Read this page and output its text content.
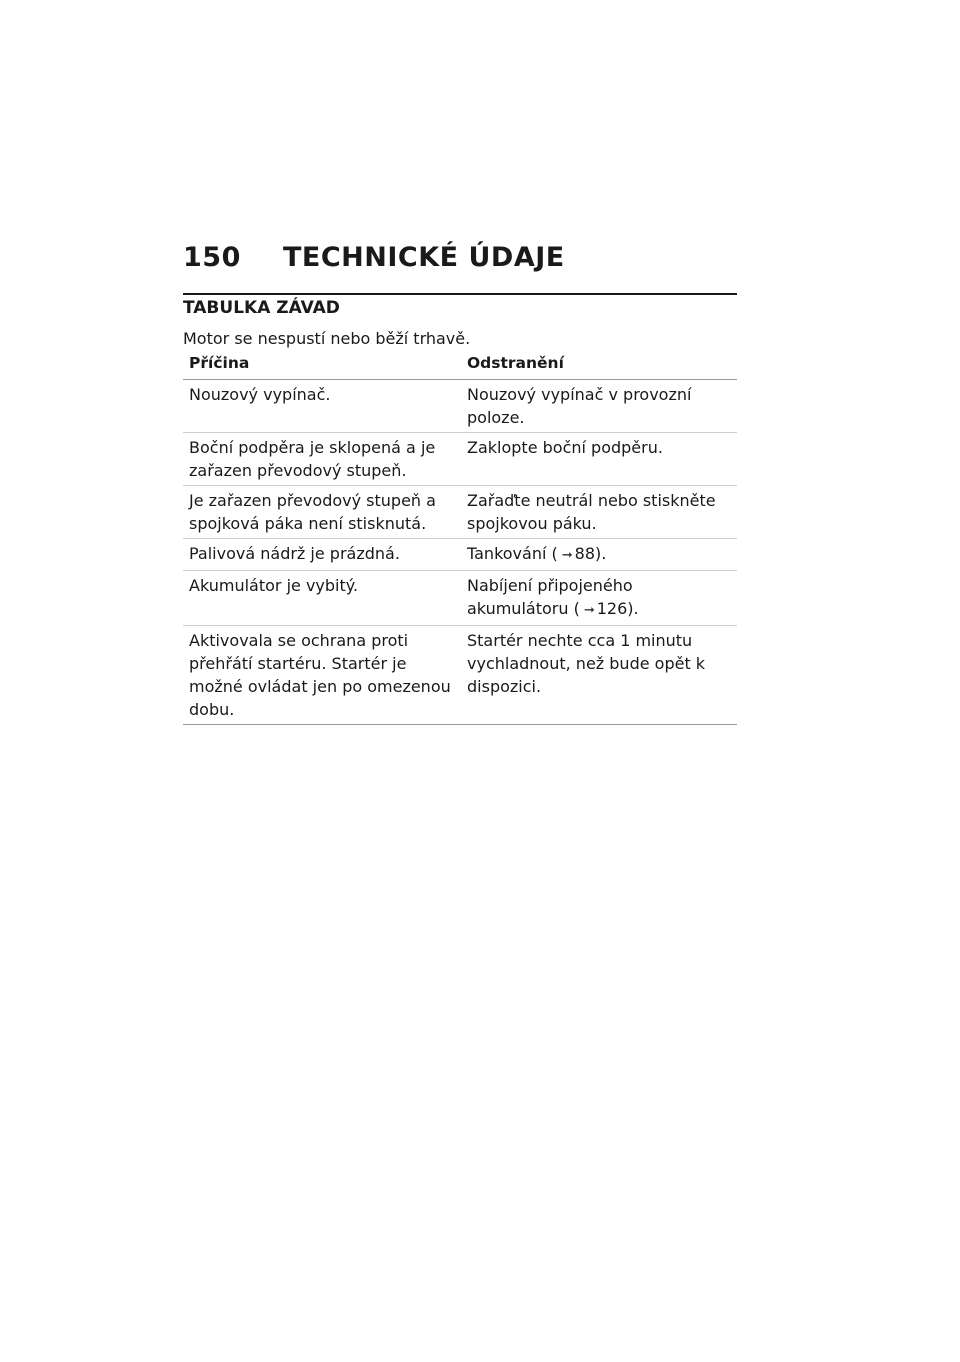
150	TECHNICKÉ ÚDAJE
TABULKA ZÁVAD
Motor se nespustí nebo běží trhavě.
Příčina	Odstranění
Nouzový vypínač.	Nouzový vypínač v provozní poloze.
Boční podpěra je sklopená a je zařazen převodový stupeň.	Zaklopte boční podpěru.
Je zařazen převodový stupeň a spojková páka není stisknutá.	Zařaďte neutrál nebo stiskněte spojkovou páku.
Palivová nádrž je prázdná.	Tankování ( ➞ 88).
Akumulátor je vybitý.	Nabíjení připojeného akumulátoru ( ➞ 126).
Aktivovala se ochrana proti přehřátí startéru. Startér je možné ovládat jen po omezenou dobu.	Startér nechte cca 1 minutu vychladnout, než bude opět k dispozici.
